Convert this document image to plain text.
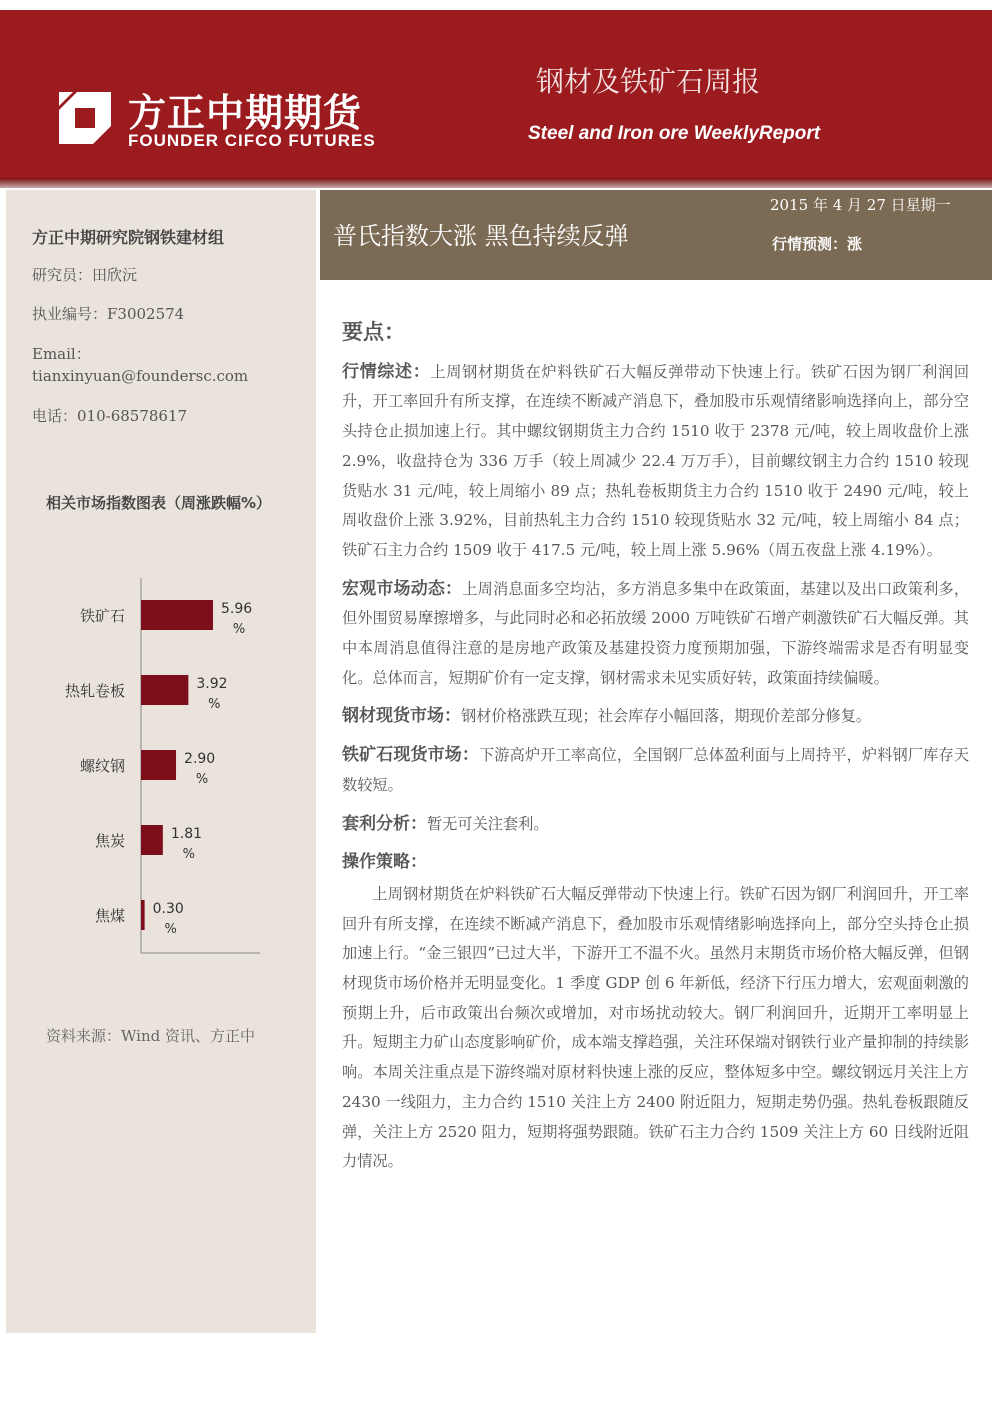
方正中期期货
FOUNDER CIFCO FUTURES
钢材及铁矿石周报
Steel and Iron ore WeeklyReport
方正中期研究院钢铁建材组
研究员：田欣沅
执业编号：F3002574
Email：
tianxinyuan@foundersc.com
电话：010-68578617
相关市场指数图表（周涨跌幅%）
铁矿石	5.96
%
热轧卷板	3.92
%
螺纹钢	2.90
%
焦炭	1.81
%
焦煤 0.30
%
资料来源：Wind 资讯、方正中
普氏指数大涨 黑色持续反弹
2015 年 4 月 27 日星期一
行情预测：涨
要点：
行情综述：上周钢材期货在炉料铁矿石大幅反弹带动下快速上行。铁矿石因为钢厂利润回升，开工率回升有所支撑，在连续不断减产消息下，叠加股市乐观情绪影响选择向上，部分空头持仓止损加速上行。其中螺纹钢期货主力合约 1510 收于 2378 元/吨，较上周收盘价上涨 2.9%，收盘持仓为 336 万手（较上周减少 22.4 万万手），目前螺纹钢主力合约 1510 较现货贴水 31 元/吨，较上周缩小 89 点；热轧卷板期货主力合约 1510 收于 2490 元/吨，较上周收盘价上涨 3.92%，目前热轧主力合约 1510 较现货贴水 32 元/吨，较上周缩小 84 点；铁矿石主力合约 1509 收于 417.5 元/吨，较上周上涨 5.96%（周五夜盘上涨 4.19%）。
宏观市场动态：上周消息面多空均沾，多方消息多集中在政策面，基建以及出口政策利多，但外围贸易摩擦增多，与此同时必和必拓放缓 2000 万吨铁矿石增产刺激铁矿石大幅反弹。其中本周消息值得注意的是房地产政策及基建投资力度预期加强，下游终端需求是否有明显变化。总体而言，短期矿价有一定支撑，钢材需求未见实质好转，政策面持续偏暖。
钢材现货市场：钢材价格涨跌互现；社会库存小幅回落，期现价差部分修复。
铁矿石现货市场：下游高炉开工率高位，全国钢厂总体盈利面与上周持平，炉料钢厂库存天数较短。
套利分析：暂无可关注套利。
操作策略：
上周钢材期货在炉料铁矿石大幅反弹带动下快速上行。铁矿石因为钢厂利润回升，开工率回升有所支撑，在连续不断减产消息下，叠加股市乐观情绪影响选择向上，部分空头持仓止损加速上行。“金三银四”已过大半，下游开工不温不火。虽然月末期货市场价格大幅反弹，但钢材现货市场价格并无明显变化。1 季度 GDP 创 6 年新低，经济下行压力增大，宏观面刺激的预期上升，后市政策出台频次或增加，对市场扰动较大。钢厂利润回升，近期开工率明显上升。短期主力矿山态度影响矿价，成本端支撑趋强，关注环保端对钢铁行业产量抑制的持续影响。本周关注重点是下游终端对原材料快速上涨的反应，整体短多中空。螺纹钢远月关注上方 2430 一线阻力，主力合约 1510 关注上方 2400 附近阻力，短期走势仍强。热轧卷板跟随反弹，关注上方 2520 阻力，短期将强势跟随。铁矿石主力合约 1509 关注上方 60 日线附近阻力情况。
